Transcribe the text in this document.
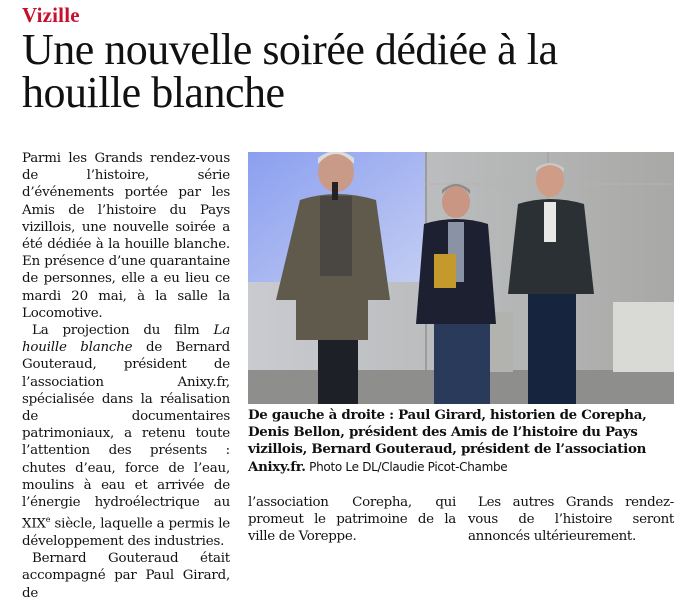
Vizille
Une nouvelle soirée dédiée à la houille blanche

Parmi les Grands rendez-vous de l’histoire, série d’événements portée par les Amis de l’histoire du Pays vizillois, une nouvelle soirée a été dédiée à la houille blanche. En présence d’une quarantaine de personnes, elle a eu lieu ce mardi 20 mai, à la salle la Locomotive.

La projection du film La houille blanche de Bernard Gouteraud, président de l’association Anixy.fr, spécialisée dans la réalisation de documentaires patrimoniaux, a retenu toute l’attention des présents : chutes d’eau, force de l’eau, moulins à eau et arrivée de l’énergie hydroélectrique au XIXe siècle, laquelle a permis le développement des industries.

Bernard Gouteraud était accompagné par Paul Girard, de

De gauche à droite : Paul Girard, historien de Corepha, Denis Bellon, président des Amis de l’histoire du Pays vizillois, Bernard Gouteraud, président de l’association Anixy.fr. Photo Le DL/Claudie Picot-Chambe

l’association Corepha, qui promeut le patrimoine de la ville de Voreppe.

Les autres Grands rendez-vous de l’histoire seront annoncés ultérieurement.
